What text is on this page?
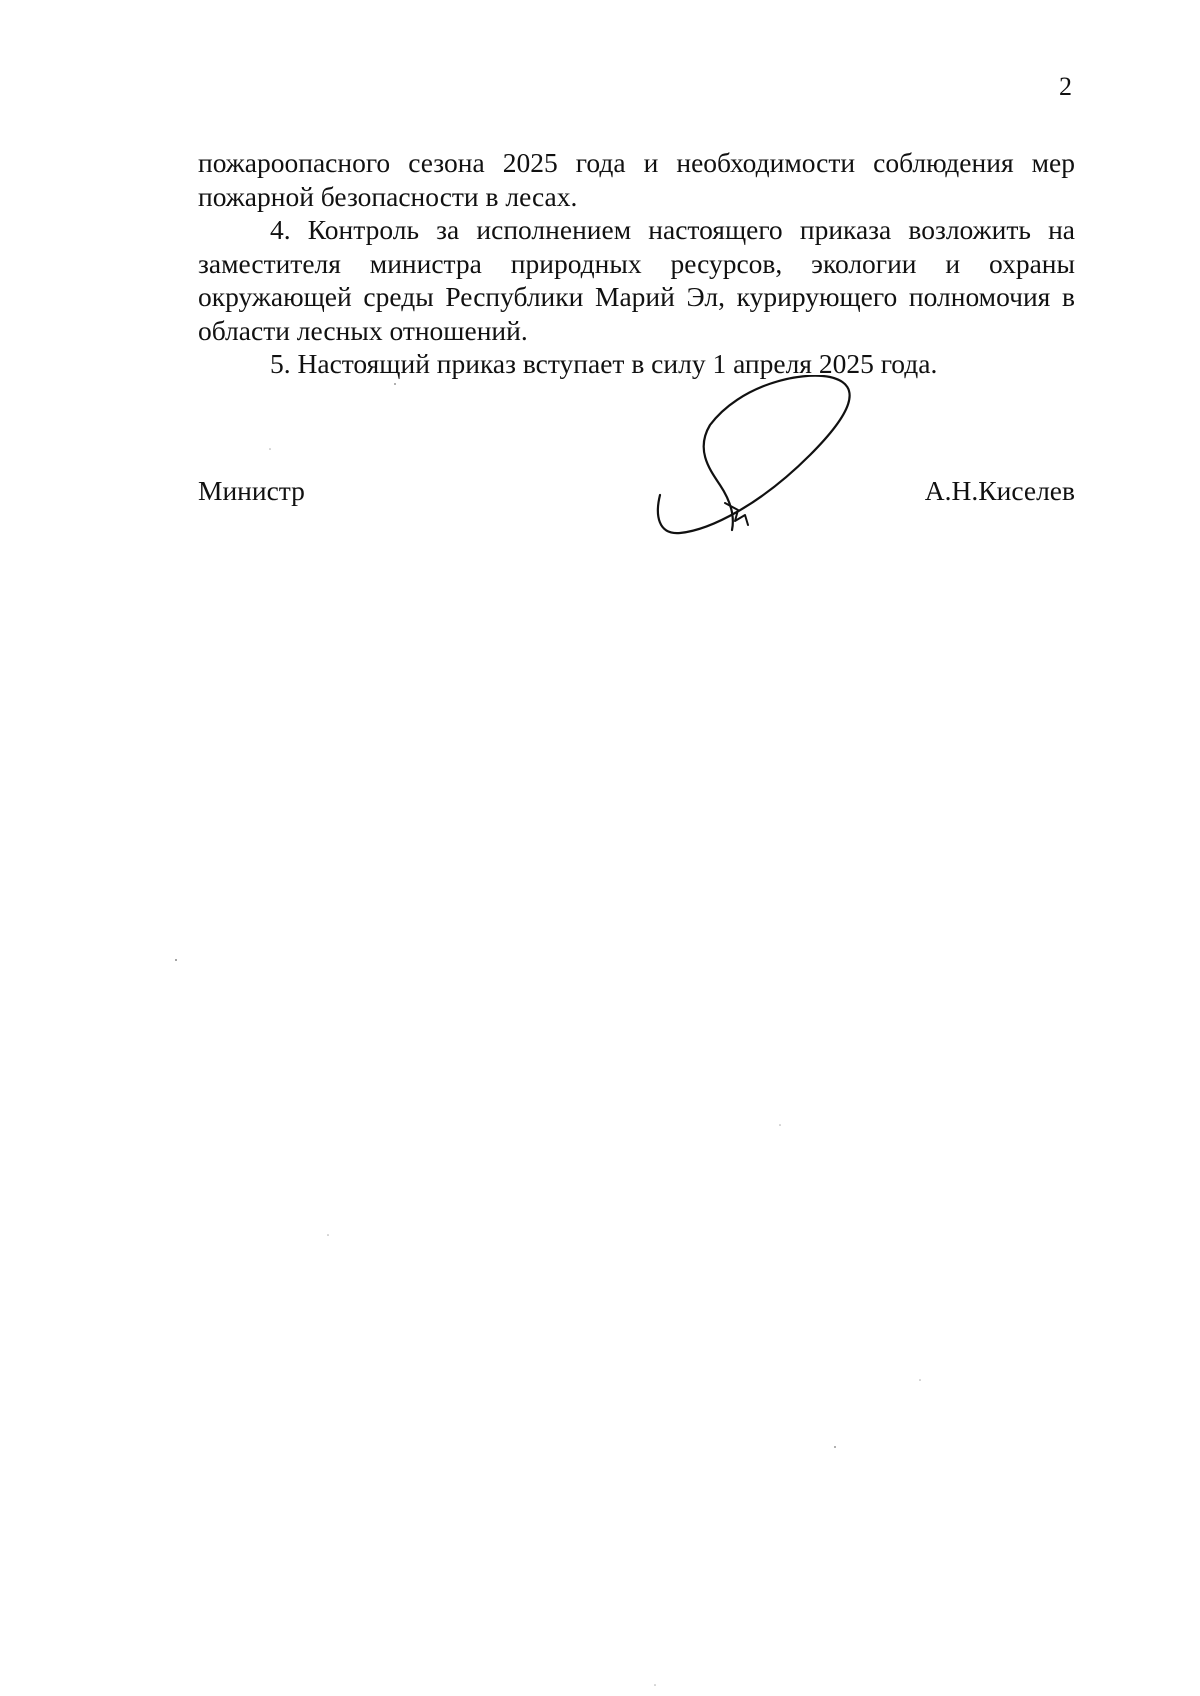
2

пожароопасного сезона 2025 года и необходимости соблюдения мер пожарной безопасности в лесах.

4. Контроль за исполнением настоящего приказа возложить на заместителя министра природных ресурсов, экологии и охраны окружающей среды Республики Марий Эл, курирующего полномочия в области лесных отношений.

5. Настоящий приказ вступает в силу 1 апреля 2025 года.

Министр	А.Н.Киселев
